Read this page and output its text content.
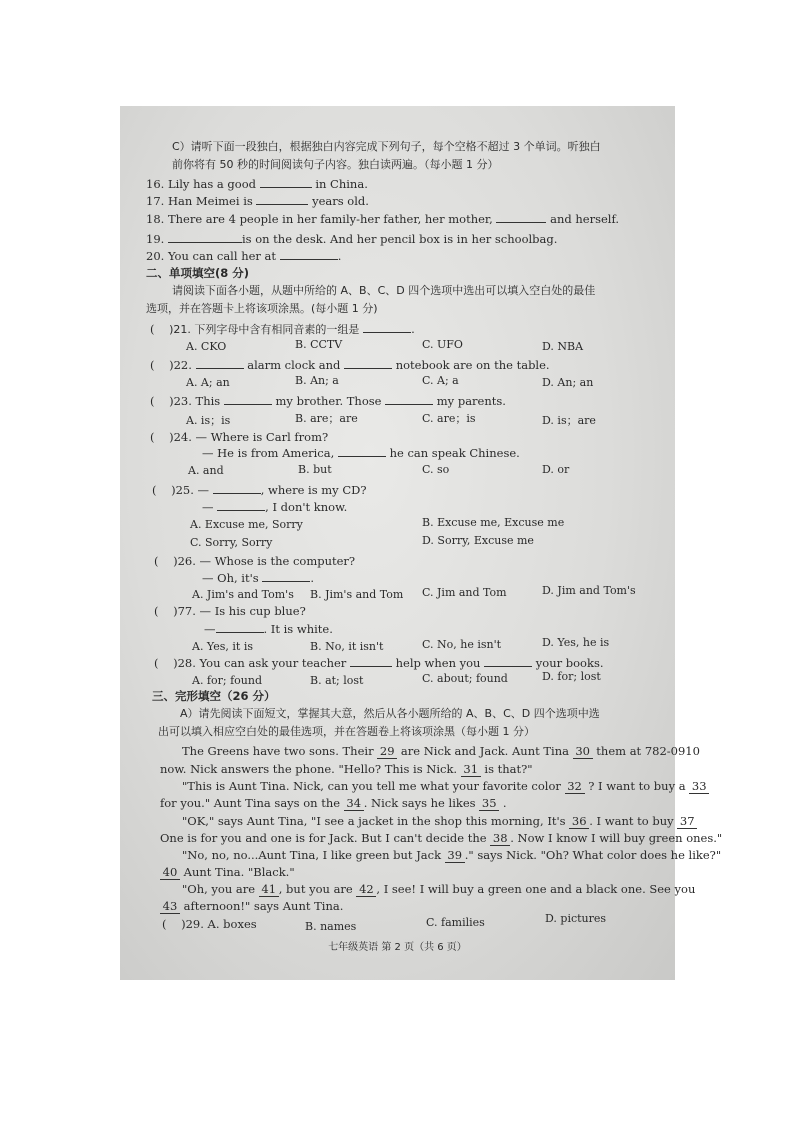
C）请听下面一段独白，根据独白内容完成下列句子，每个空格不超过 3 个单词。听独白
前你将有 50 秒的时间阅读句子内容。独白读两遍。（每小题 1 分）
16. Lily has a good	in China.
17. Han Meimei is	years old.
18. There are 4 people in her family-her father, her mother,	and herself.
19.	is on the desk. And her pencil box is in her schoolbag.
20. You can call her at	.
二、单项填空(8 分)
请阅读下面各小题，从题中所给的 A、B、C、D 四个选项中选出可以填入空白处的最佳
选项，并在答题卡上将该项涂黑。(每小题 1 分)
( )21. 下列字母中含有相同音素的一组是	.
A. CKO	B. CCTV	C. UFO	D. NBA
( )22.	alarm clock and	notebook are on the table.
A. A; an	B. An; a	C. A; a	D. An; an
( )23. This	my brother. Those	my parents.
A. is；is	B. are；are	C. are；is	D. is；are
( )24. — Where is Carl from?
— He is from America,	he can speak Chinese.
A. and	B. but	C. so	D. or
( )25. —	, where is my CD?
—	, I don't know.
A. Excuse me, Sorry	B. Excuse me, Excuse me
C. Sorry, Sorry	D. Sorry, Excuse me
( )26. — Whose is the computer?
— Oh, it's	.
A. Jim's and Tom's B. Jim's and Tom C. Jim and Tom	D. Jim and Tom's
( )77. — Is his cup blue?
—	. It is white.
A. Yes, it is	B. No, it isn't	C. No, he isn't	D. Yes, he is
( )28. You can ask your teacher	help when you	your books.
A. for; found	B. at; lost	C. about; found	D. for; lost
三、完形填空（26 分）
A）请先阅读下面短文，掌握其大意，然后从各小题所给的 A、B、C、D 四个选项中选
出可以填入相应空白处的最佳选项，并在答题卷上将该项涂黑（每小题 1 分）
The Greens have two sons. Their 29 are Nick and Jack. Aunt Tina 30 them at 782-0910
now. Nick answers the phone. "Hello? This is Nick. 31 is that?"
"This is Aunt Tina. Nick, can you tell me what your favorite color 32 ? I want to buy a 33
for you." Aunt Tina says on the 34 . Nick says he likes 35 .
"OK," says Aunt Tina, "I see a jacket in the shop this morning, It's 36 . I want to buy 37
One is for you and one is for Jack. But I can't decide the 38 . Now I know I will buy green ones."
"No, no, no...Aunt Tina, I like green but Jack 39 ." says Nick. "Oh? What color does he like?"
40 Aunt Tina. "Black."
"Oh, you are 41 , but you are 42 , I see! I will buy a green one and a black one. See you
43 afternoon!" says Aunt Tina.
( )29. A. boxes	B. names	C. families	D. pictures
七年级英语 第 2 页（共 6 页）
